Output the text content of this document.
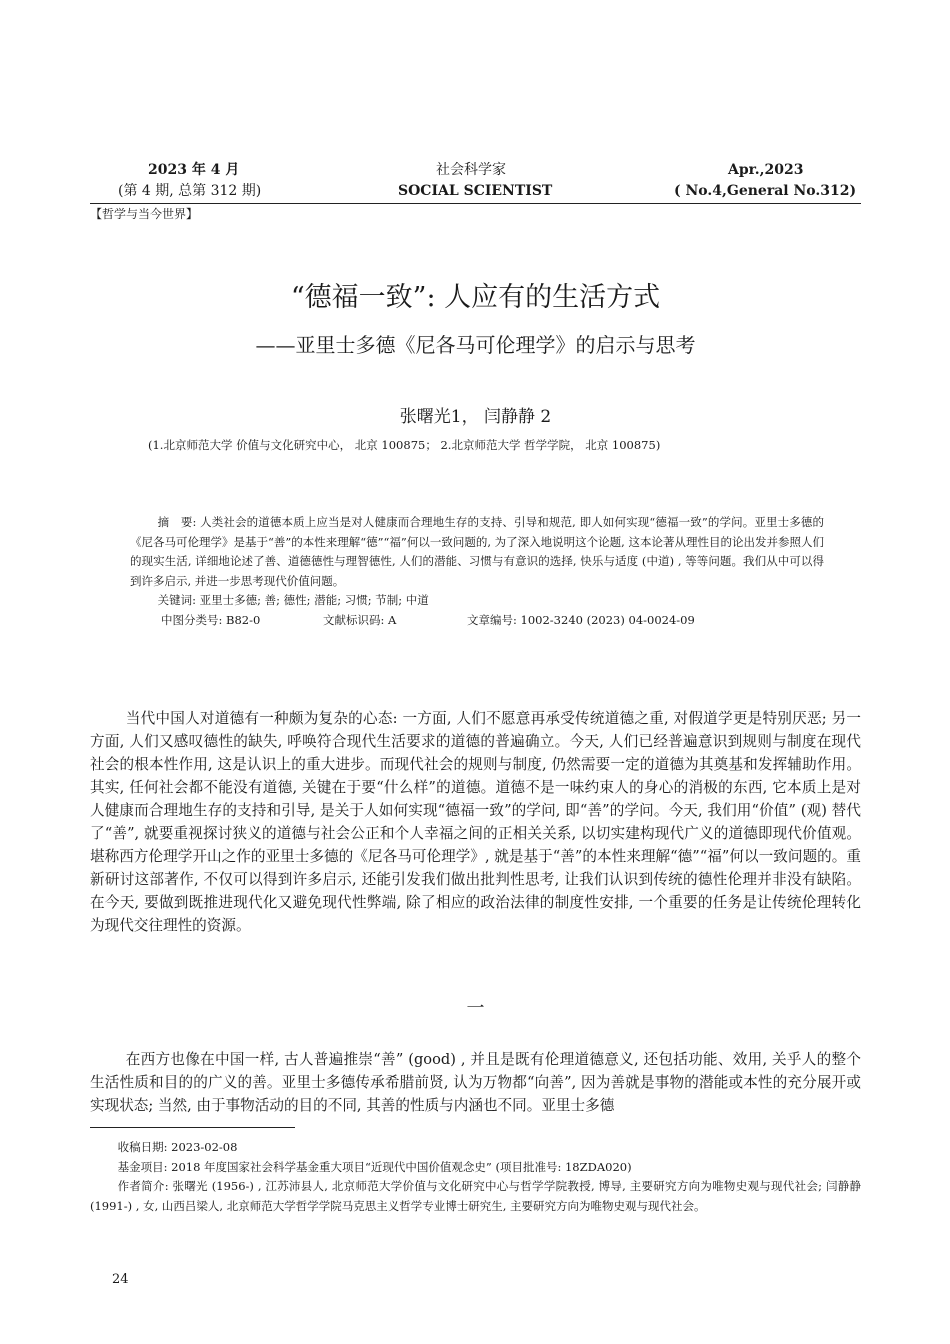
2023 年 4 月
(第 4 期, 总第 312 期)
社会科学家
SOCIAL SCIENTIST
Apr.,2023
( No.4,General No.312)
【哲学与当今世界】
“德福一致”: 人应有的生活方式
——亚里士多德《尼各马可伦理学》的启示与思考
张曙光1， 闫静静 2
(1.北京师范大学 价值与文化研究中心， 北京 100875； 2.北京师范大学 哲学学院， 北京 100875)

摘　要: 人类社会的道德本质上应当是对人健康而合理地生存的支持、引导和规范, 即人如何实现“德福一致”的学问。亚里士多德的《尼各马可伦理学》是基于“善”的本性来理解“德”“福”何以一致问题的, 为了深入地说明这个论题, 这本论著从理性目的论出发并参照人们的现实生活, 详细地论述了善、道德德性与理智德性, 人们的潜能、习惯与有意识的选择, 快乐与适度 (中道) , 等等问题。我们从中可以得到许多启示, 并进一步思考现代价值问题。

关键词: 亚里士多德; 善; 德性; 潜能; 习惯; 节制; 中道

中图分类号: B82-0	文献标识码: A	文章编号: 1002-3240 (2023) 04-0024-09

当代中国人对道德有一种颇为复杂的心态: 一方面, 人们不愿意再承受传统道德之重, 对假道学更是特别厌恶; 另一方面, 人们又感叹德性的缺失, 呼唤符合现代生活要求的道德的普遍确立。今天, 人们已经普遍意识到规则与制度在现代社会的根本性作用, 这是认识上的重大进步。而现代社会的规则与制度, 仍然需要一定的道德为其奠基和发挥辅助作用。其实, 任何社会都不能没有道德, 关键在于要“什么样”的道德。道德不是一味约束人的身心的消极的东西, 它本质上是对人健康而合理地生存的支持和引导, 是关于人如何实现“德福一致”的学问, 即“善”的学问。今天, 我们用“价值” (观) 替代了“善”, 就要重视探讨狭义的道德与社会公正和个人幸福之间的正相关关系, 以切实建构现代广义的道德即现代价值观。堪称西方伦理学开山之作的亚里士多德的《尼各马可伦理学》, 就是基于“善”的本性来理解“德”“福”何以一致问题的。重新研讨这部著作, 不仅可以得到许多启示, 还能引发我们做出批判性思考, 让我们认识到传统的德性伦理并非没有缺陷。在今天, 要做到既推进现代化又避免现代性弊端, 除了相应的政治法律的制度性安排, 一个重要的任务是让传统伦理转化为现代交往理性的资源。

一

在西方也像在中国一样, 古人普遍推崇“善” (good) , 并且是既有伦理道德意义, 还包括功能、效用, 关乎人的整个生活性质和目的的广义的善。亚里士多德传承希腊前贤, 认为万物都“向善”, 因为善就是事物的潜能或本性的充分展开或实现状态; 当然, 由于事物活动的目的不同, 其善的性质与内涵也不同。亚里士多德

收稿日期: 2023-02-08

基金项目: 2018 年度国家社会科学基金重大项目“近现代中国价值观念史” (项目批准号: 18ZDA020)

作者简介: 张曙光 (1956-) , 江苏沛县人, 北京师范大学价值与文化研究中心与哲学学院教授, 博导, 主要研究方向为唯物史观与现代社会; 闫静静 (1991-) , 女, 山西吕梁人, 北京师范大学哲学学院马克思主义哲学专业博士研究生, 主要研究方向为唯物史观与现代社会。

24
